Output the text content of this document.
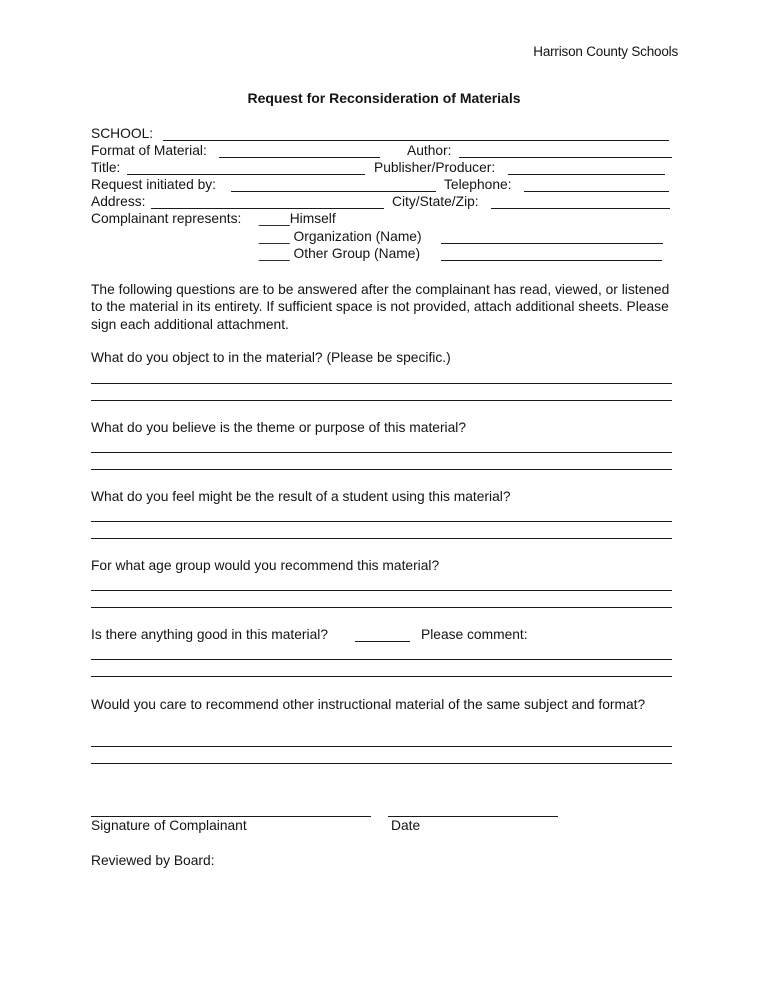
Harrison County Schools
Request for Reconsideration of Materials
SCHOOL:
Format of Material:	Author:
Title:	Publisher/Producer:
Request initiated by:	Telephone:
Address:	City/State/Zip:
Complainant represents: ____Himself
____ Organization (Name)
____ Other Group (Name)
The following questions are to be answered after the complainant has read, viewed, or listened to the material in its entirety. If sufficient space is not provided, attach additional sheets. Please sign each additional attachment.
What do you object to in the material? (Please be specific.)
What do you believe is the theme or purpose of this material?
What do you feel might be the result of a student using this material?
For what age group would you recommend this material?
Is there anything good in this material?	Please comment:
Would you care to recommend other instructional material of the same subject and format?
Signature of Complainant	Date
Reviewed by Board:
